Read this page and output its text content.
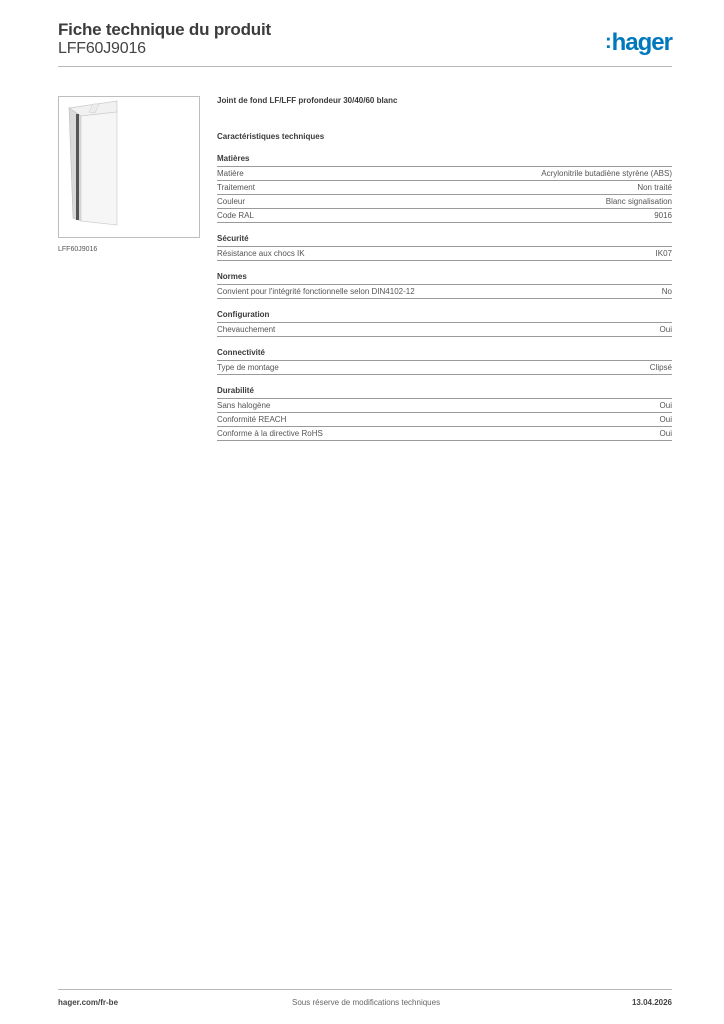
Fiche technique du produit
LFF60J9016	:hager
LFF60J9016
Joint de fond LF/LFF profondeur 30/40/60 blanc
Caractéristiques techniques
Matières
Matière	Acrylonitrile butadiène styrène (ABS)
Traitement	Non traité
Couleur	Blanc signalisation
Code RAL	9016
Sécurité
Résistance aux chocs IK	IK07
Normes
Convient pour l'intégrité fonctionnelle selon DIN4102-12	No
Configuration
Chevauchement	Oui
Connectivité
Type de montage	Clipsé
Durabilité
Sans halogène	Oui
Conformité REACH	Oui
Conforme à la directive RoHS	Oui
hager.com/fr-be	Sous réserve de modifications techniques	13.04.2026
